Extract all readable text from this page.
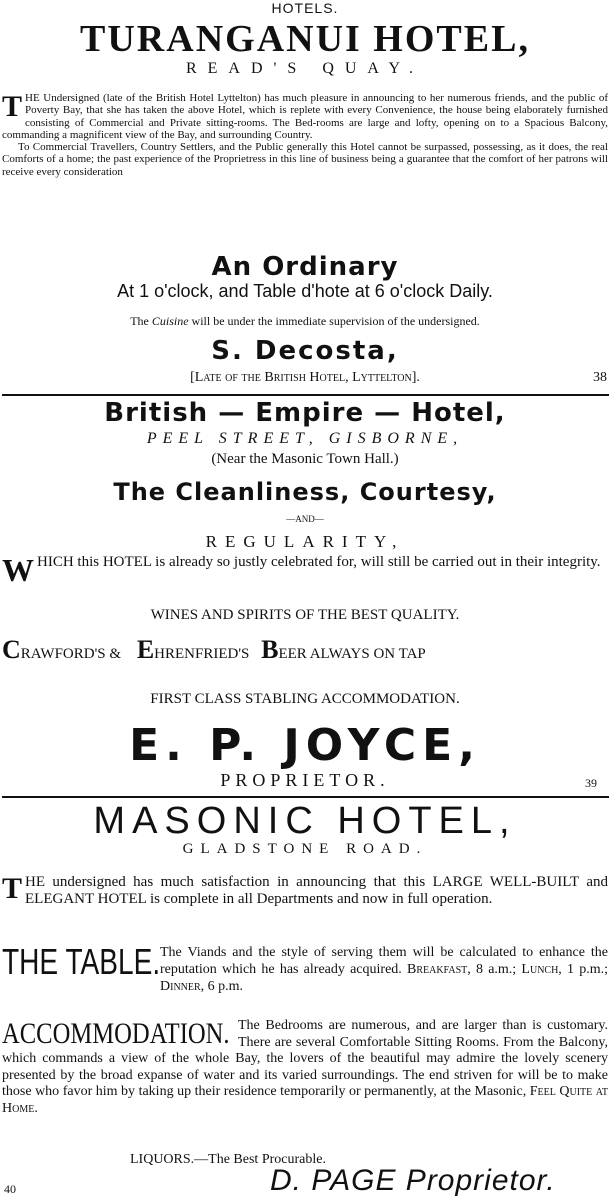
HOTELS.
TURANGANUI HOTEL,
READ'S QUAY.
THE Undersigned (late of the British Hotel Lyttelton) has much pleasure in announcing to her numerous friends, and the public of Poverty Bay, that she has taken the above Hotel, which is replete with every Convenience, the house being elaborately furnished consisting of Commercial and Private sitting-rooms. The Bed-rooms are large and lofty, opening on to a Spacious Balcony, commanding a magnificent view of the Bay, and surrounding Country.
To Commercial Travellers, Country Settlers, and the Public generally this Hotel cannot be surpassed, possessing, as it does, the real Comforts of a home; the past experience of the Proprietress in this line of business being a guarantee that the comfort of her patrons will receive every consideration
An Ordinary
At 1 o'clock, and Table d'hote at 6 o'clock Daily.
The Cuisine will be under the immediate supervision of the undersigned.
S. Decosta,
[Late of the British Hotel, Lyttelton].	38
British — Empire — Hotel,
PEEL STREET, GISBORNE,
(Near the Masonic Town Hall.)
The Cleanliness, Courtesy,
—AND—
REGULARITY,
WHICH this HOTEL is already so justly celebrated for, will still be carried out in their integrity.
WINES AND SPIRITS OF THE BEST QUALITY.
CRAWFORD'S & EHRENFRIED'S BEER ALWAYS ON TAP
FIRST CLASS STABLING ACCOMMODATION.
E. P. JOYCE,
PROPRIETOR.	39
MASONIC HOTEL,
GLADSTONE ROAD.
THE undersigned has much satisfaction in announcing that this LARGE WELL-BUILT and ELEGANT HOTEL is complete in all Departments and now in full operation.
THE TABLE. The Viands and the style of serving them will be calculated to enhance the reputation which he has already acquired. Breakfast, 8 a.m.; Lunch, 1 p.m.; Dinner, 6 p.m.
ACCOMMODATION. The Bedrooms are numerous, and are larger than is customary. There are several Comfortable Sitting Rooms. From the Balcony, which commands a view of the whole Bay, the lovers of the beautiful may admire the lovely scenery presented by the broad expanse of water and its varied surroundings. The end striven for will be to make those who favor him by taking up their residence temporarily or permanently, at the Masonic, Feel Quite at Home.
LIQUORS.—The Best Procurable.
40	D. PAGE Proprietor.
